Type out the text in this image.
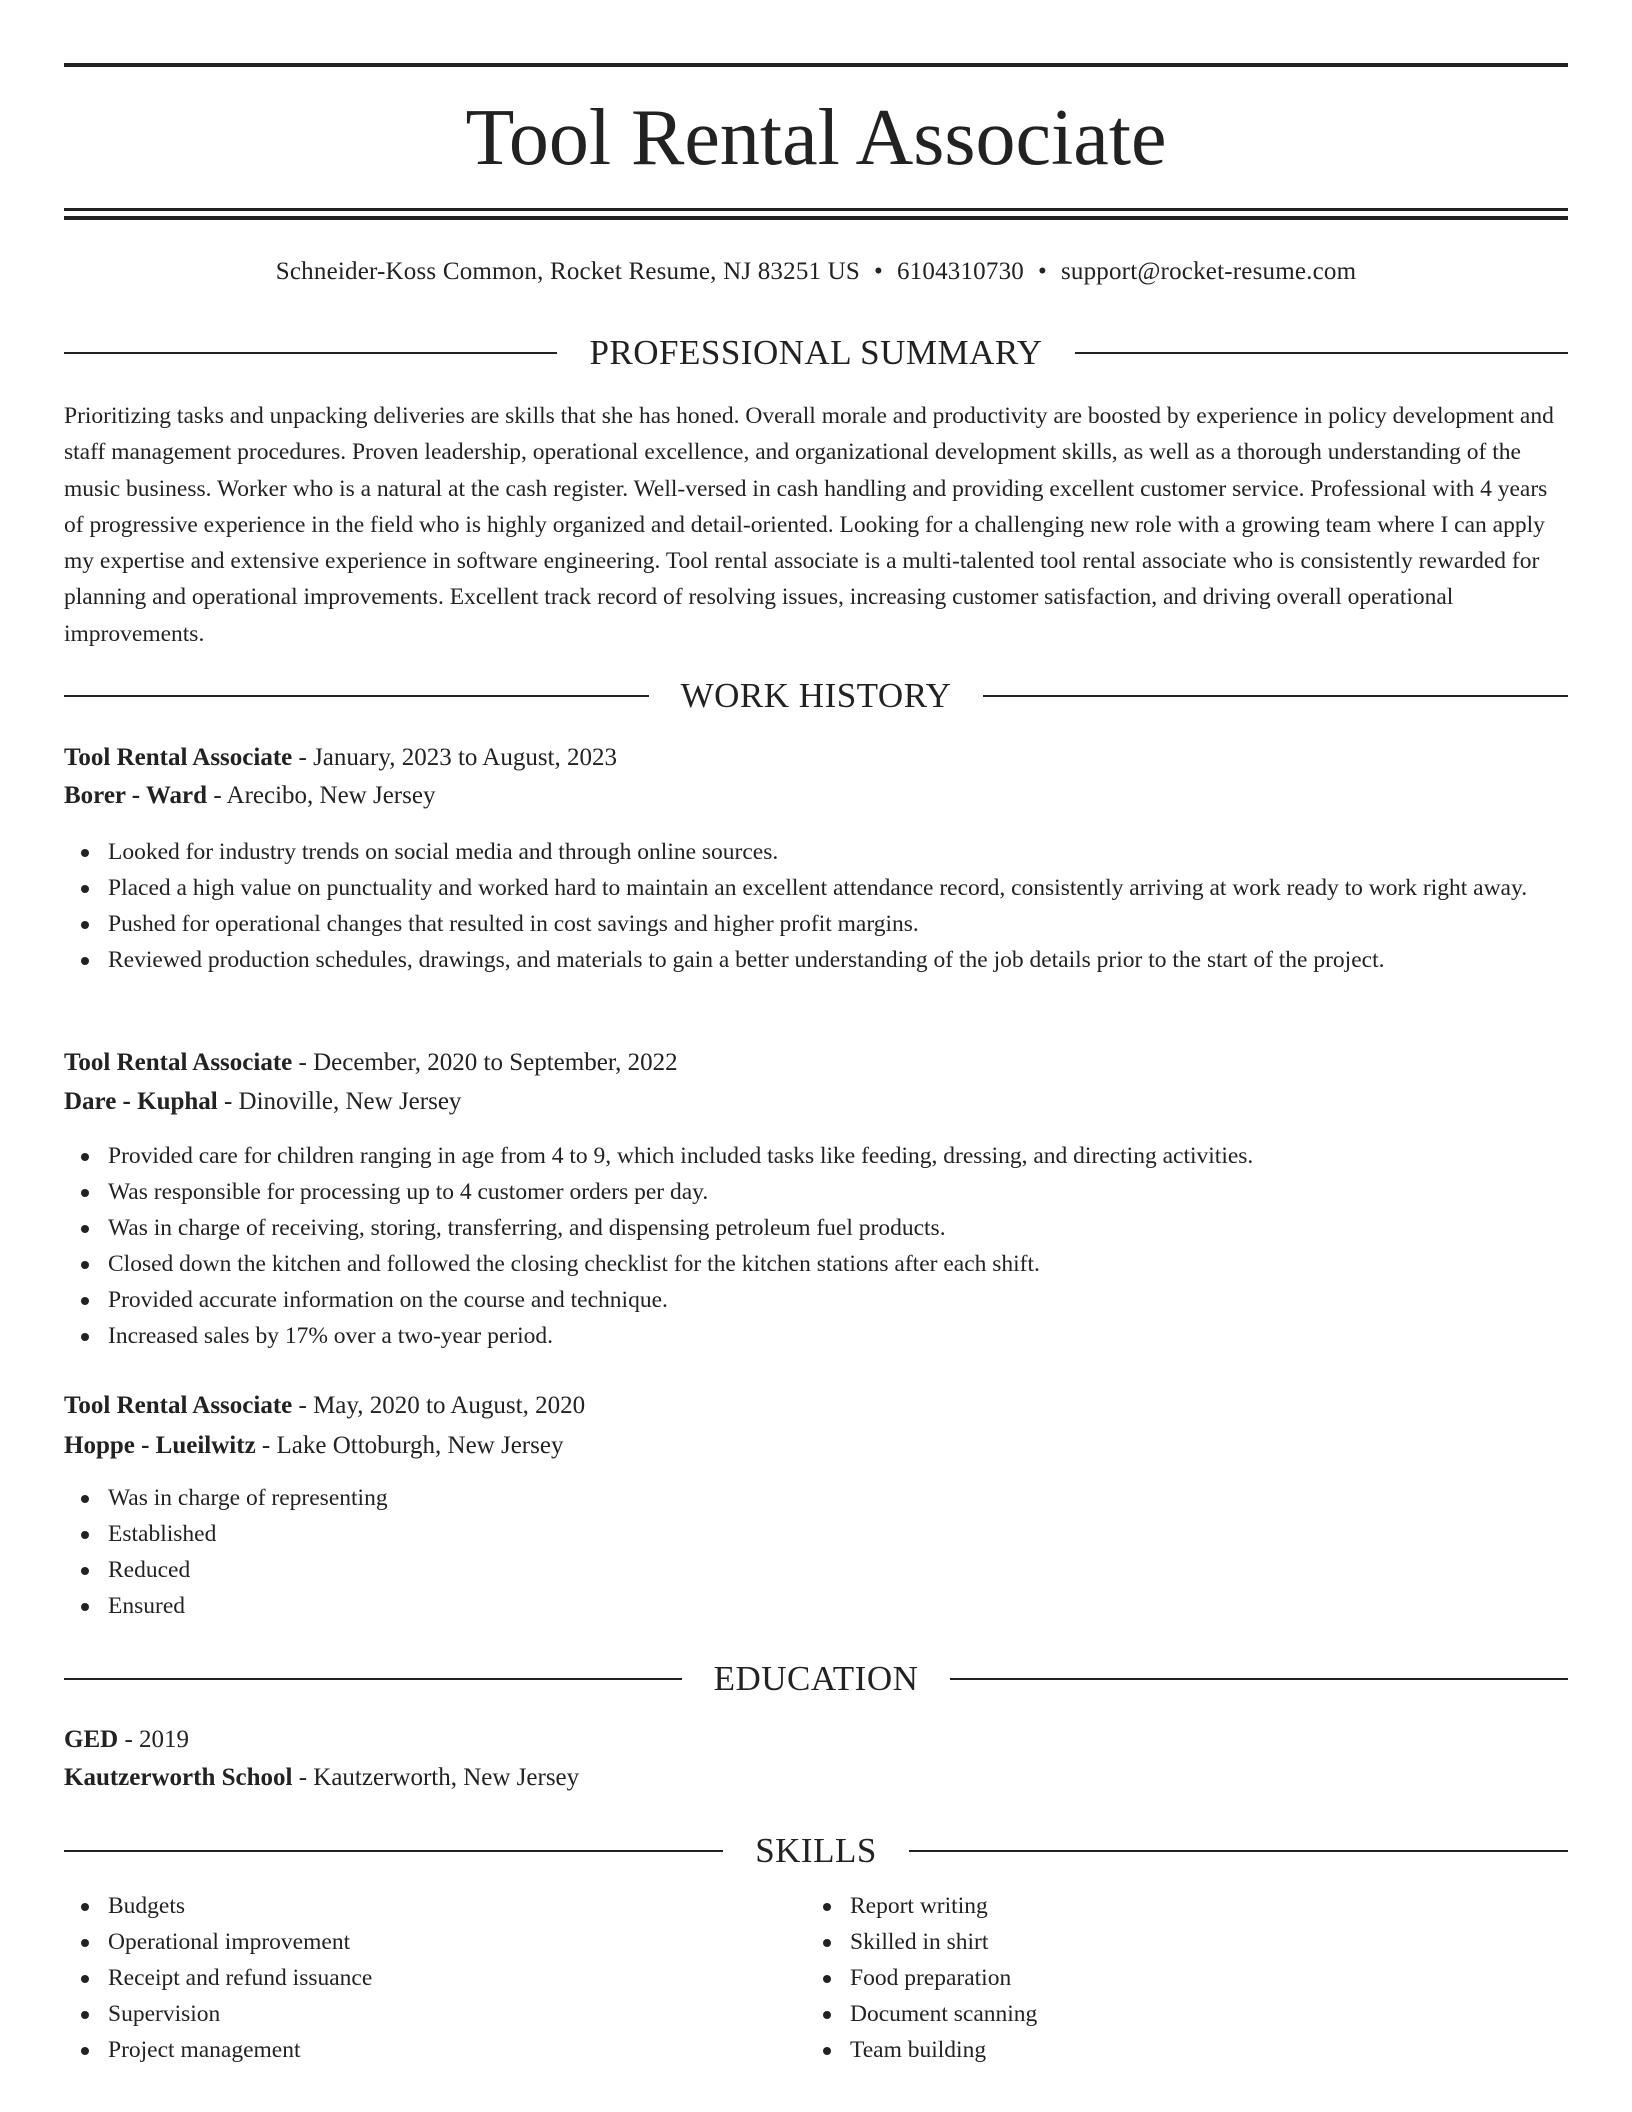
Tool Rental Associate
Schneider-Koss Common, Rocket Resume, NJ 83251 US • 6104310730 • support@rocket-resume.com
PROFESSIONAL SUMMARY

Prioritizing tasks and unpacking deliveries are skills that she has honed. Overall morale and productivity are boosted by experience in policy development and staff management procedures. Proven leadership, operational excellence, and organizational development skills, as well as a thorough understanding of the music business. Worker who is a natural at the cash register. Well-versed in cash handling and providing excellent customer service. Professional with 4 years of progressive experience in the field who is highly organized and detail-oriented. Looking for a challenging new role with a growing team where I can apply my expertise and extensive experience in software engineering. Tool rental associate is a multi-talented tool rental associate who is consistently rewarded for planning and operational improvements. Excellent track record of resolving issues, increasing customer satisfaction, and driving overall operational improvements.

WORK HISTORY
Tool Rental Associate - January, 2023 to August, 2023
Borer - Ward - Arecibo, New Jersey
Looked for industry trends on social media and through online sources.
Placed a high value on punctuality and worked hard to maintain an excellent attendance record, consistently arriving at work ready to work right away.
Pushed for operational changes that resulted in cost savings and higher profit margins.
Reviewed production schedules, drawings, and materials to gain a better understanding of the job details prior to the start of the project.
Tool Rental Associate - December, 2020 to September, 2022
Dare - Kuphal - Dinoville, New Jersey
Provided care for children ranging in age from 4 to 9, which included tasks like feeding, dressing, and directing activities.
Was responsible for processing up to 4 customer orders per day.
Was in charge of receiving, storing, transferring, and dispensing petroleum fuel products.
Closed down the kitchen and followed the closing checklist for the kitchen stations after each shift.
Provided accurate information on the course and technique.
Increased sales by 17% over a two-year period.
Tool Rental Associate - May, 2020 to August, 2020
Hoppe - Lueilwitz - Lake Ottoburgh, New Jersey
Was in charge of representing
Established
Reduced
Ensured
EDUCATION
GED - 2019
Kautzerworth School - Kautzerworth, New Jersey
SKILLS
Budgets
Operational improvement
Receipt and refund issuance
Supervision
Project management
Report writing
Skilled in shirt
Food preparation
Document scanning
Team building
